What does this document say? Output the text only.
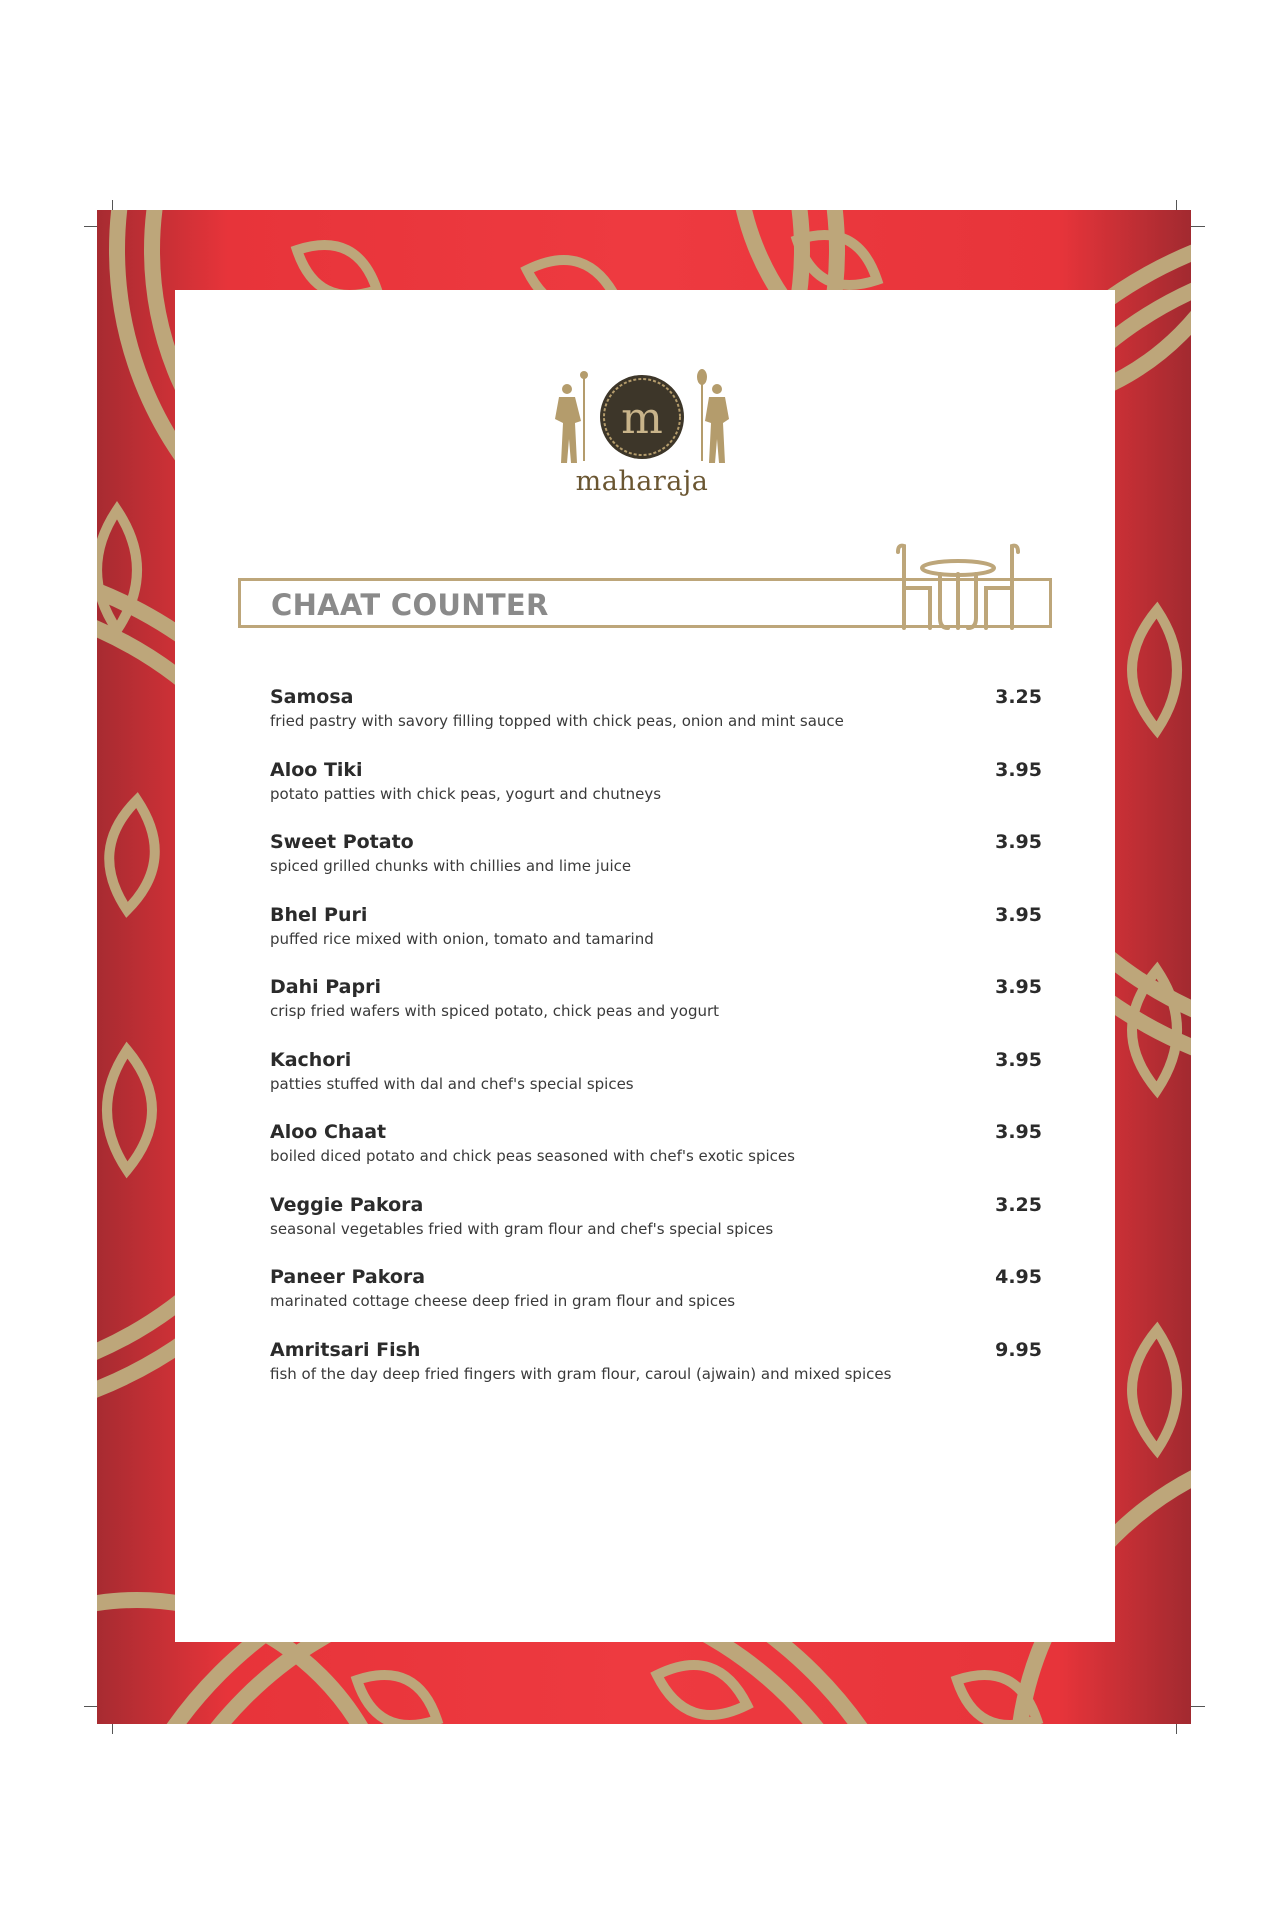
m
maharaja
CHAAT COUNTER
Samosa	3.25
fried pastry with savory filling topped with chick peas, onion and mint sauce
Aloo Tiki	3.95
potato patties with chick peas, yogurt and chutneys
Sweet Potato	3.95
spiced grilled chunks with chillies and lime juice
Bhel Puri	3.95
puffed rice mixed with onion, tomato and tamarind
Dahi Papri	3.95
crisp fried wafers with spiced potato, chick peas and yogurt
Kachori	3.95
patties stuffed with dal and chef's special spices
Aloo Chaat	3.95
boiled diced potato and chick peas seasoned with chef's exotic spices
Veggie Pakora	3.25
seasonal vegetables fried with gram flour and chef's special spices
Paneer Pakora	4.95
marinated cottage cheese deep fried in gram flour and spices
Amritsari Fish	9.95
fish of the day deep fried fingers with gram flour, caroul (ajwain) and mixed spices
